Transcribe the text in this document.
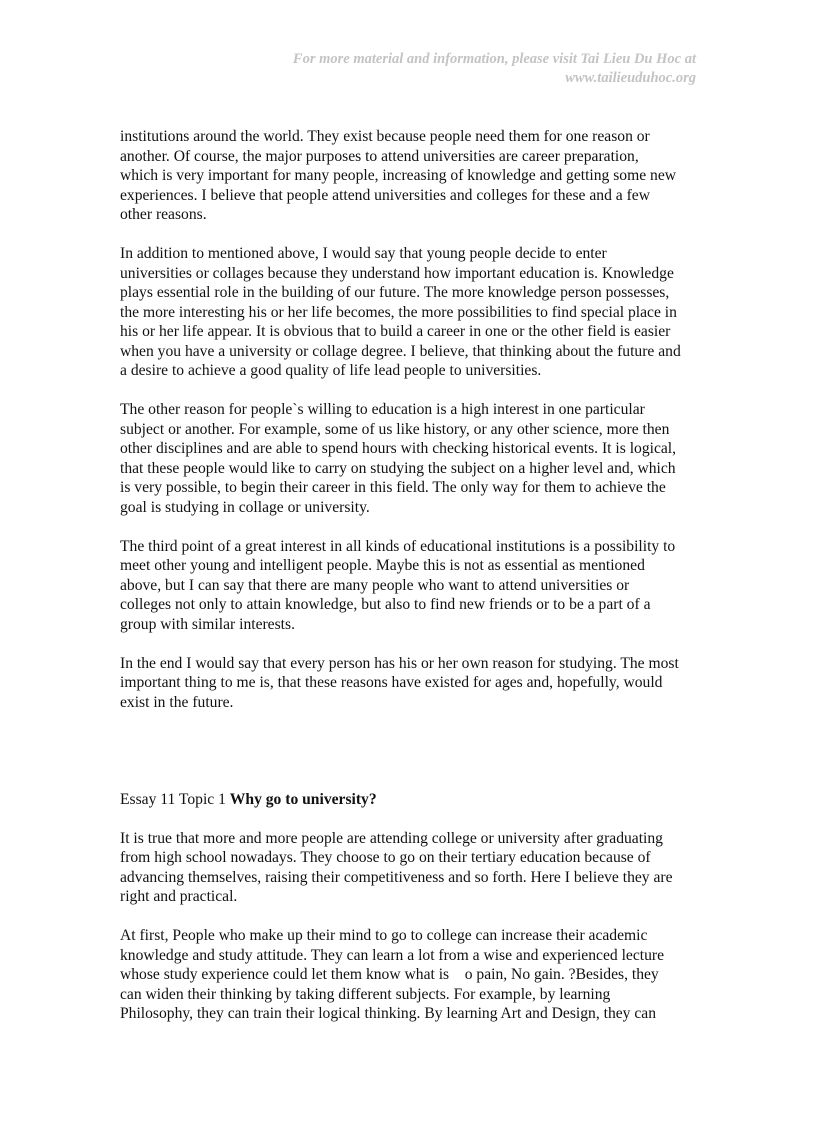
For more material and information, please visit Tai Lieu Du Hoc at
www.tailieuduhoc.org
institutions around the world. They exist because people need them for one reason or
another. Of course, the major purposes to attend universities are career preparation,
which is very important for many people, increasing of knowledge and getting some new
experiences. I believe that people attend universities and colleges for these and a few
other reasons.
In addition to mentioned above, I would say that young people decide to enter
universities or collages because they understand how important education is. Knowledge
plays essential role in the building of our future. The more knowledge person possesses,
the more interesting his or her life becomes, the more possibilities to find special place in
his or her life appear. It is obvious that to build a career in one or the other field is easier
when you have a university or collage degree. I believe, that thinking about the future and
a desire to achieve a good quality of life lead people to universities.
The other reason for people`s willing to education is a high interest in one particular
subject or another. For example, some of us like history, or any other science, more then
other disciplines and are able to spend hours with checking historical events. It is logical,
that these people would like to carry on studying the subject on a higher level and, which
is very possible, to begin their career in this field. The only way for them to achieve the
goal is studying in collage or university.
The third point of a great interest in all kinds of educational institutions is a possibility to
meet other young and intelligent people. Maybe this is not as essential as mentioned
above, but I can say that there are many people who want to attend universities or
colleges not only to attain knowledge, but also to find new friends or to be a part of a
group with similar interests.
In the end I would say that every person has his or her own reason for studying. The most
important thing to me is, that these reasons have existed for ages and, hopefully, would
exist in the future.
Essay 11 Topic 1 Why go to university?
It is true that more and more people are attending college or university after graduating
from high school nowadays. They choose to go on their tertiary education because of
advancing themselves, raising their competitiveness and so forth. Here I believe they are
right and practical.
At first, People who make up their mind to go to college can increase their academic
knowledge and study attitude. They can learn a lot from a wise and experienced lecture
whose study experience could let them know what is    o pain, No gain. ?Besides, they
can widen their thinking by taking different subjects. For example, by learning
Philosophy, they can train their logical thinking. By learning Art and Design, they can
